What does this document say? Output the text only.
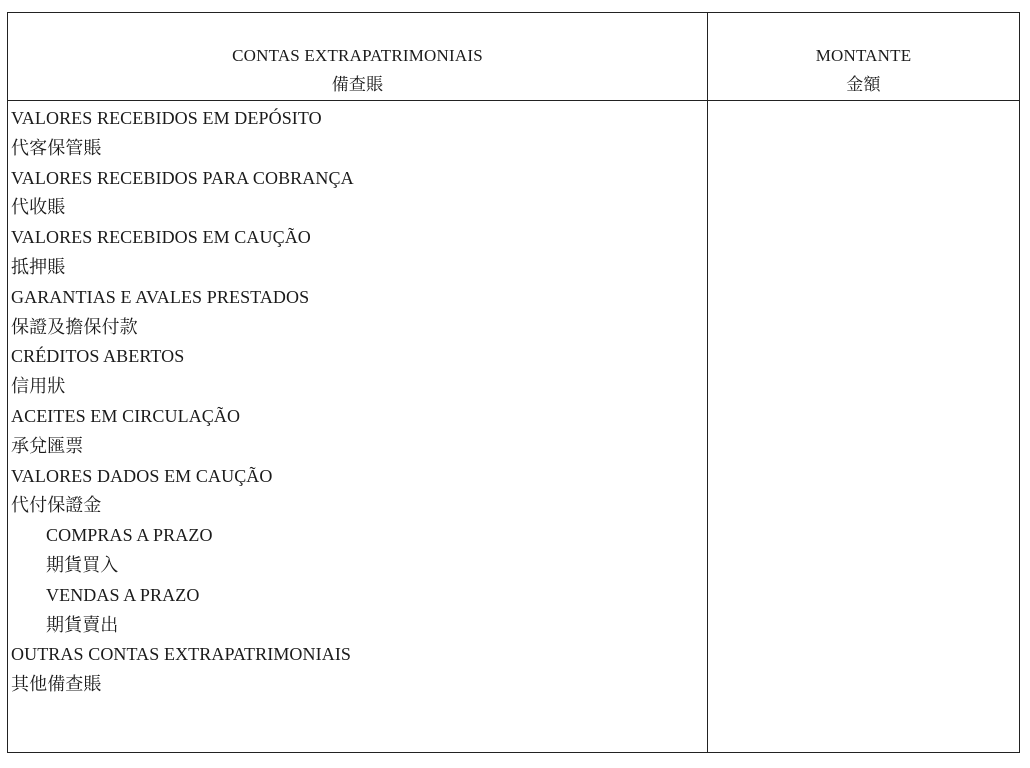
CONTAS EXTRAPATRIMONIAIS
備查賬
MONTANTE
金額
VALORES RECEBIDOS EM DEPÓSITO
代客保管賬
VALORES RECEBIDOS PARA COBRANÇA
代收賬
VALORES RECEBIDOS EM CAUÇÃO
抵押賬
GARANTIAS E AVALES PRESTADOS
保證及擔保付款
CRÉDITOS ABERTOS
信用狀
ACEITES EM CIRCULAÇÃO
承兌匯票
VALORES DADOS EM CAUÇÃO
代付保證金
COMPRAS A PRAZO
期貨買入
VENDAS A PRAZO
期貨賣出
OUTRAS CONTAS EXTRAPATRIMONIAIS
其他備查賬
